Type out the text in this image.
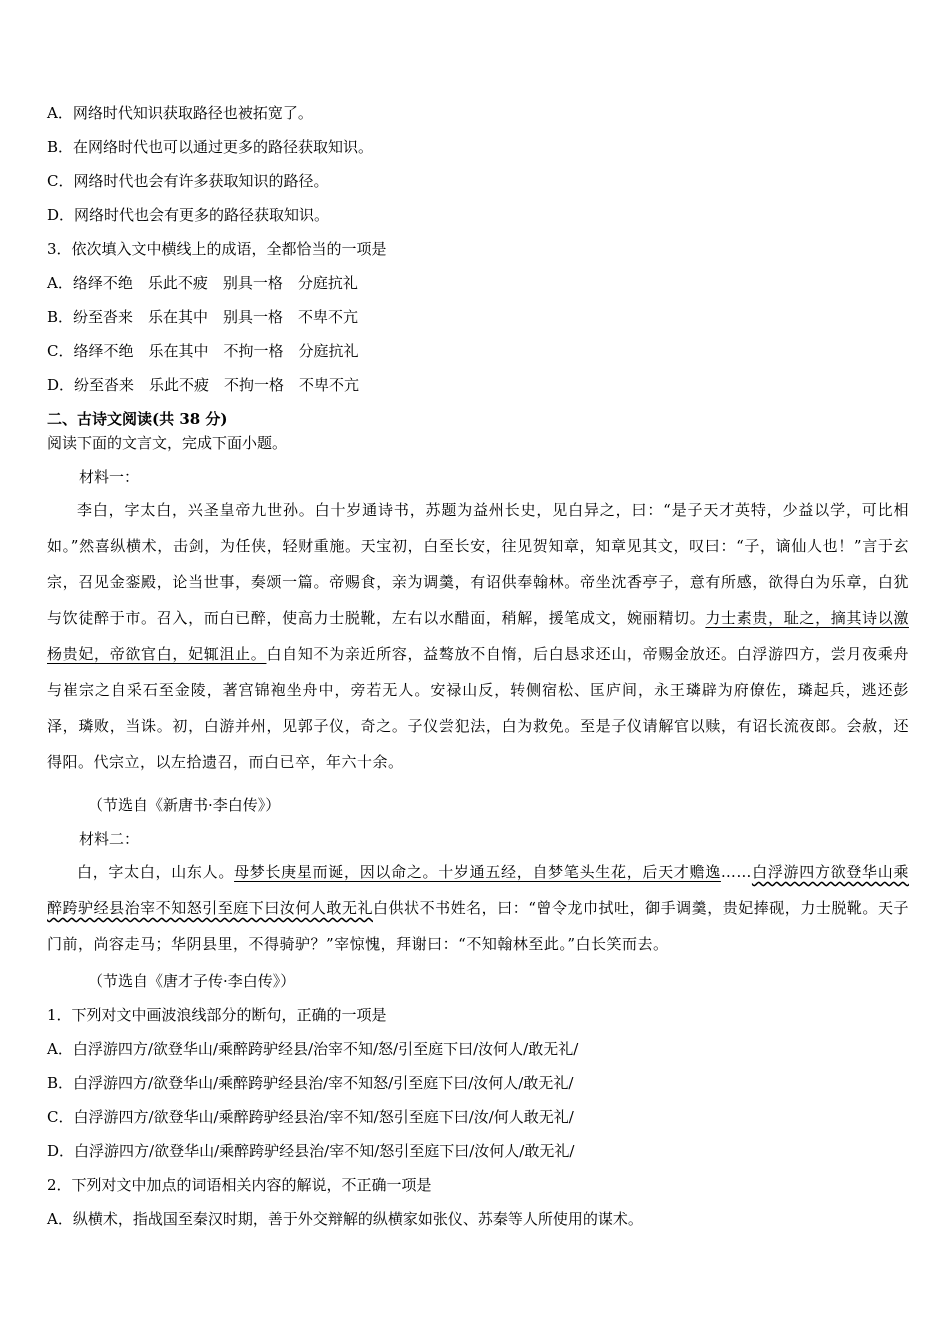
A．网络时代知识获取路径也被拓宽了。
B．在网络时代也可以通过更多的路径获取知识。
C．网络时代也会有许多获取知识的路径。
D．网络时代也会有更多的路径获取知识。
3．依次填入文中横线上的成语，全都恰当的一项是
A．络绎不绝　乐此不疲　别具一格　分庭抗礼
B．纷至沓来　乐在其中　别具一格　不卑不亢
C．络绎不绝　乐在其中　不拘一格　分庭抗礼
D．纷至沓来　乐此不疲　不拘一格　不卑不亢
二、古诗文阅读(共 38 分)
阅读下面的文言文，完成下面小题。
材料一：
李白，字太白，兴圣皇帝九世孙。白十岁通诗书，苏题为益州长史，见白异之，曰：“是子天才英特，少益以学，可比相如。”然喜纵横术，击剑，为任侠，轻财重施。天宝初，白至长安，往见贺知章，知章见其文，叹曰：“子，谪仙人也！”言于玄宗，召见金銮殿，论当世事，奏颂一篇。帝赐食，亲为调羹，有诏供奉翰林。帝坐沈香亭子，意有所感，欲得白为乐章，白犹与饮徒醉于市。召入，而白已醉，使高力士脱靴，左右以水醋面，稍解，援笔成文，婉丽精切。力士素贵，耻之，摘其诗以激杨贵妃，帝欲官白，妃辄沮止。白自知不为亲近所容，益骜放不自惰，后白恳求还山，帝赐金放还。白浮游四方，尝月夜乘舟与崔宗之自采石至金陵，著宫锦袍坐舟中，旁若无人。安禄山反，转侧宿松、匡庐间，永王璘辟为府僚佐，璘起兵，逃还彭泽，璘败，当诛。初，白游并州，见郭子仪，奇之。子仪尝犯法，白为救免。至是子仪请解官以赎，有诏长流夜郎。会赦，还得阳。代宗立，以左拾遗召，而白已卒，年六十余。
（节选自《新唐书·李白传》）
材料二：
白，字太白，山东人。母梦长庚星而诞，因以命之。十岁通五经，自梦笔头生花，后天才赡逸……白浮游四方欲登华山乘醉跨驴经县治宰不知怒引至庭下曰汝何人敢无礼白供状不书姓名，曰：“曾令龙巾拭吐，御手调羹，贵妃捧砚，力士脱靴。天子门前，尚容走马；华阴县里，不得骑驴？”宰惊愧，拜谢曰：“不知翰林至此。”白长笑而去。
（节选自《唐才子传·李白传》）
1．下列对文中画波浪线部分的断句，正确的一项是
A．白浮游四方/欲登华山/乘醉跨驴经县/治宰不知/怒/引至庭下曰/汝何人/敢无礼/
B．白浮游四方/欲登华山/乘醉跨驴经县治/宰不知怒/引至庭下曰/汝何人/敢无礼/
C．白浮游四方/欲登华山/乘醉跨驴经县治/宰不知/怒引至庭下曰/汝/何人敢无礼/
D．白浮游四方/欲登华山/乘醉跨驴经县治/宰不知/怒引至庭下曰/汝何人/敢无礼/
2．下列对文中加点的词语相关内容的解说，不正确一项是
A．纵横术，指战国至秦汉时期，善于外交辩解的纵横家如张仪、苏秦等人所使用的谋术。
